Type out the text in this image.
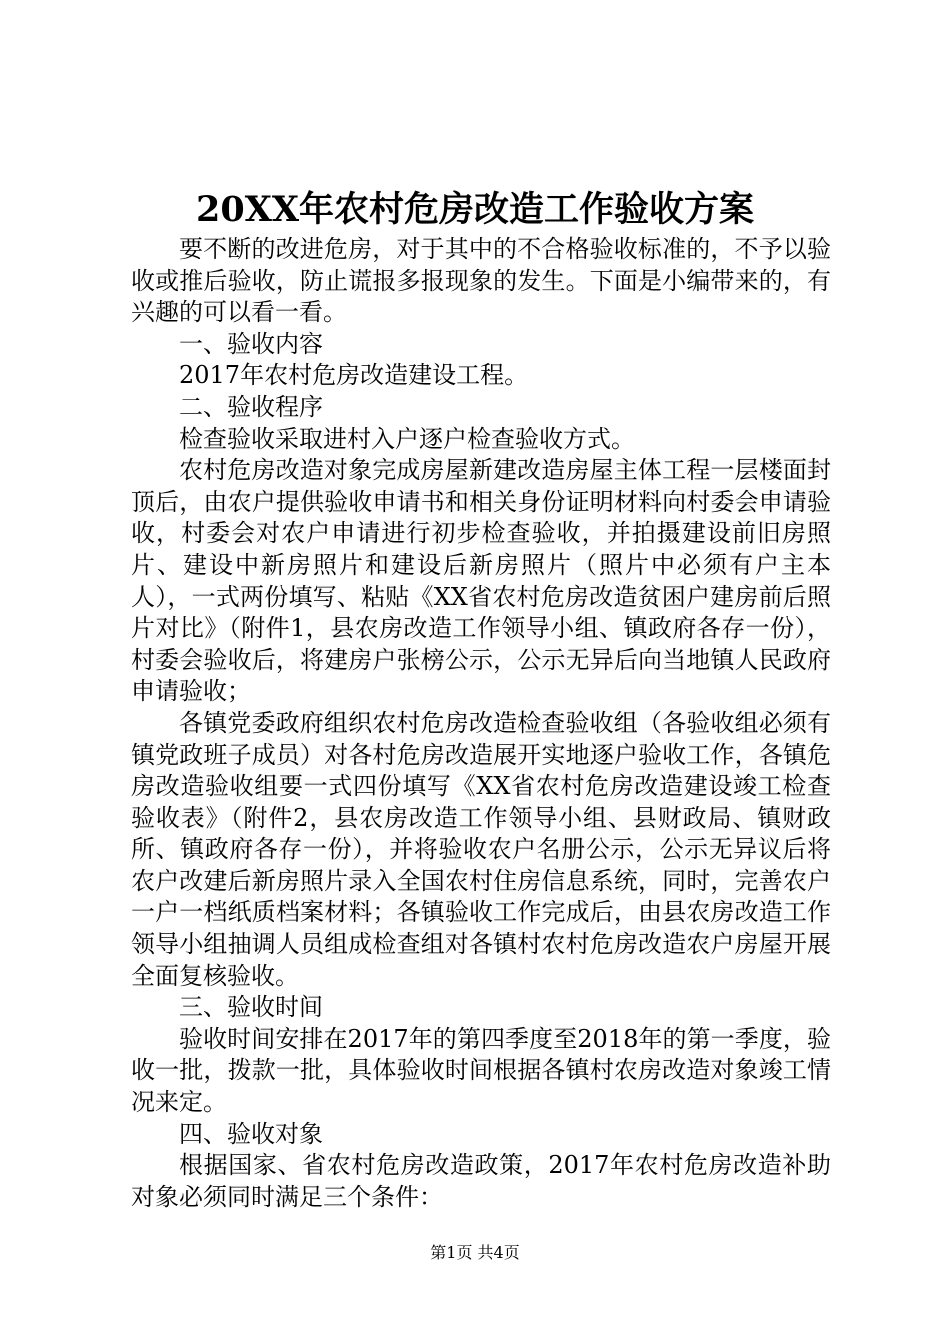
20XX年农村危房改造工作验收方案

要不断的改进危房，对于其中的不合格验收标准的，不予以验收或推后验收，防止谎报多报现象的发生。下面是小编带来的，有兴趣的可以看一看。

一、验收内容

2017年农村危房改造建设工程。

二、验收程序

检查验收采取进村入户逐户检查验收方式。

农村危房改造对象完成房屋新建改造房屋主体工程一层楼面封顶后，由农户提供验收申请书和相关身份证明材料向村委会申请验收，村委会对农户申请进行初步检查验收，并拍摄建设前旧房照片、建设中新房照片和建设后新房照片（照片中必须有户主本人），一式两份填写、粘贴《XX省农村危房改造贫困户建房前后照片对比》（附件1，县农房改造工作领导小组、镇政府各存一份），村委会验收后，将建房户张榜公示，公示无异后向当地镇人民政府申请验收；

各镇党委政府组织农村危房改造检查验收组（各验收组必须有镇党政班子成员）对各村危房改造展开实地逐户验收工作，各镇危房改造验收组要一式四份填写《XX省农村危房改造建设竣工检查验收表》（附件2，县农房改造工作领导小组、县财政局、镇财政所、镇政府各存一份），并将验收农户名册公示，公示无异议后将农户改建后新房照片录入全国农村住房信息系统，同时，完善农户一户一档纸质档案材料；各镇验收工作完成后，由县农房改造工作领导小组抽调人员组成检查组对各镇村农村危房改造农户房屋开展全面复核验收。

三、验收时间

验收时间安排在2017年的第四季度至2018年的第一季度，验收一批，拨款一批，具体验收时间根据各镇村农房改造对象竣工情况来定。

四、验收对象

根据国家、省农村危房改造政策，2017年农村危房改造补助对象必须同时满足三个条件：

第1页 共4页
